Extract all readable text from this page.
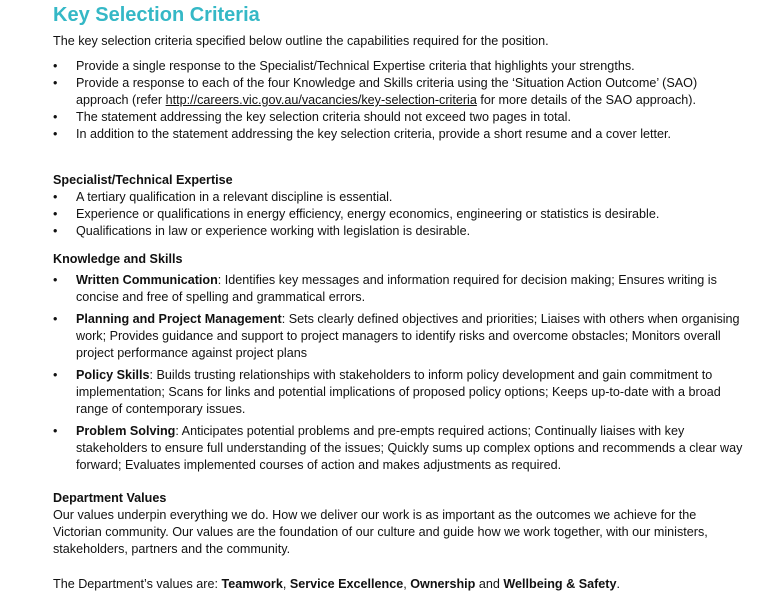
Key Selection Criteria

The key selection criteria specified below outline the capabilities required for the position.

•	Provide a single response to the Specialist/Technical Expertise criteria that highlights your strengths.
•	Provide a response to each of the four Knowledge and Skills criteria using the ‘Situation Action Outcome’ (SAO) approach (refer http://careers.vic.gov.au/vacancies/key-selection-criteria for more details of the SAO approach).
•	The statement addressing the key selection criteria should not exceed two pages in total.
•	In addition to the statement addressing the key selection criteria, provide a short resume and a cover letter.
Specialist/Technical Expertise
•	A tertiary qualification in a relevant discipline is essential.
•	Experience or qualifications in energy efficiency, energy economics, engineering or statistics is desirable.
•	Qualifications in law or experience working with legislation is desirable.
Knowledge and Skills
•	Written Communication: Identifies key messages and information required for decision making; Ensures writing is concise and free of spelling and grammatical errors.
•	Planning and Project Management: Sets clearly defined objectives and priorities; Liaises with others when organising work; Provides guidance and support to project managers to identify risks and overcome obstacles; Monitors overall project performance against project plans
•	Policy Skills: Builds trusting relationships with stakeholders to inform policy development and gain commitment to implementation; Scans for links and potential implications of proposed policy options; Keeps up-to-date with a broad range of contemporary issues.
•	Problem Solving: Anticipates potential problems and pre-empts required actions; Continually liaises with key stakeholders to ensure full understanding of the issues; Quickly sums up complex options and recommends a clear way forward; Evaluates implemented courses of action and makes adjustments as required.
Department Values

Our values underpin everything we do. How we deliver our work is as important as the outcomes we achieve for the Victorian community. Our values are the foundation of our culture and guide how we work together, with our ministers, stakeholders, partners and the community.

The Department’s values are: Teamwork, Service Excellence, Ownership and Wellbeing & Safety.
